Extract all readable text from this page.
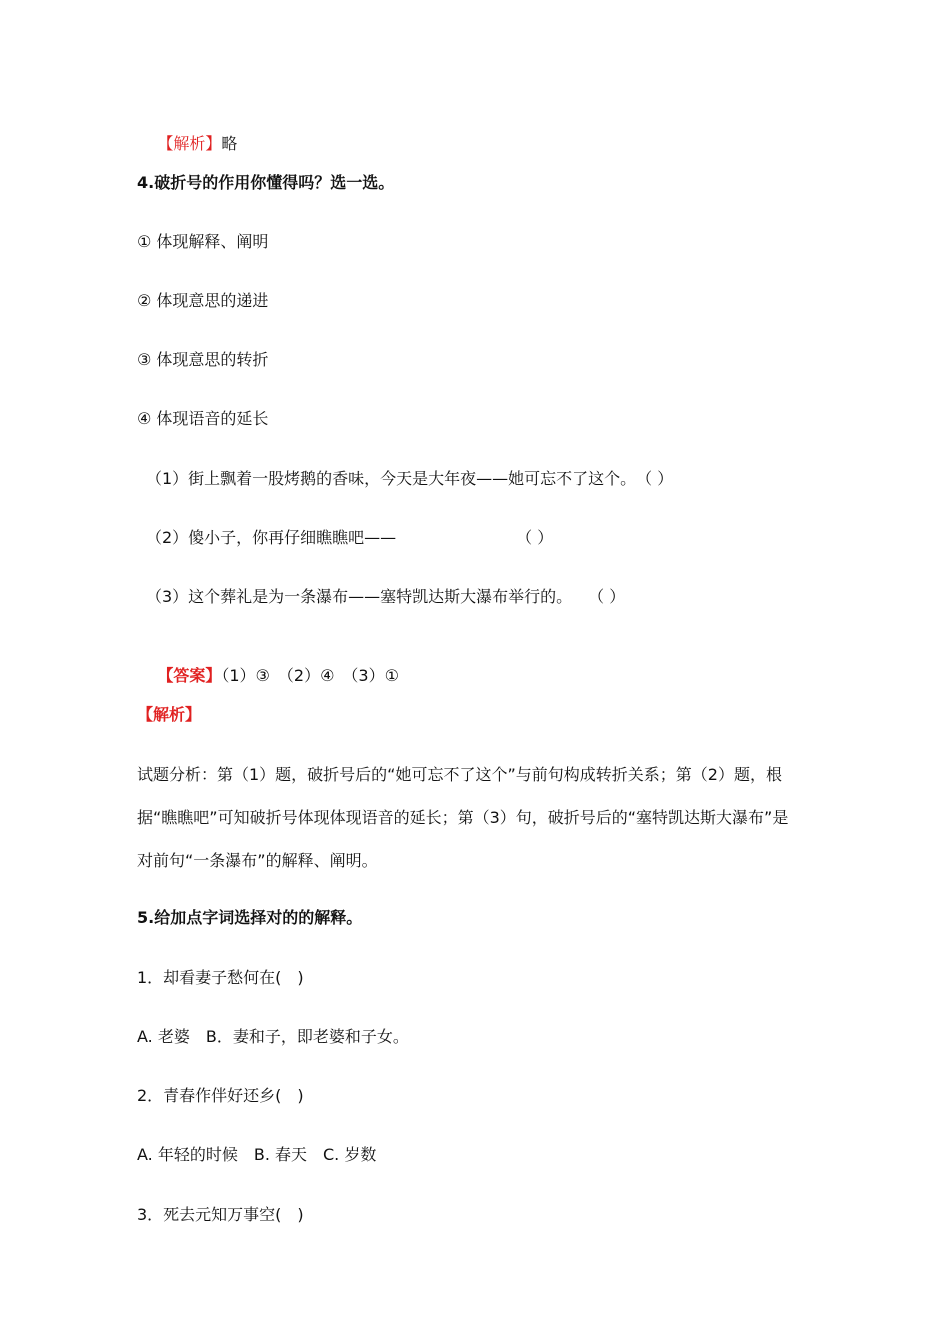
【解析】略

4.破折号的作用你懂得吗？选一选。
① 体现解释、阐明
② 体现意思的递进
③ 体现意思的转折
④ 体现语音的延长
（1）街上飘着一股烤鹅的香味，今天是大年夜——她可忘不了这个。　（ ）
（2）傻小子，你再仔细瞧瞧吧——　　　　　　　　（ ）
（3）这个葬礼是为一条瀑布——塞特凯达斯大瀑布举行的。　　（ ）

【答案】（1）③　（2）④　（3）①

【解析】
试题分析：第（1）题，破折号后的“她可忘不了这个”与前句构成转折关系；第（2）题，根
据“瞧瞧吧”可知破折号体现体现语音的延长；第（3）句，破折号后的“塞特凯达斯大瀑布”是
对前句“一条瀑布”的解释、阐明。
5.给加点字词选择对的的解释。
1．却看妻子愁何在(　)
A. 老婆　B．妻和子，即老婆和子女。
2．青春作伴好还乡(　)
A. 年轻的时候　B. 春天　C. 岁数
3．死去元知万事空(　)
